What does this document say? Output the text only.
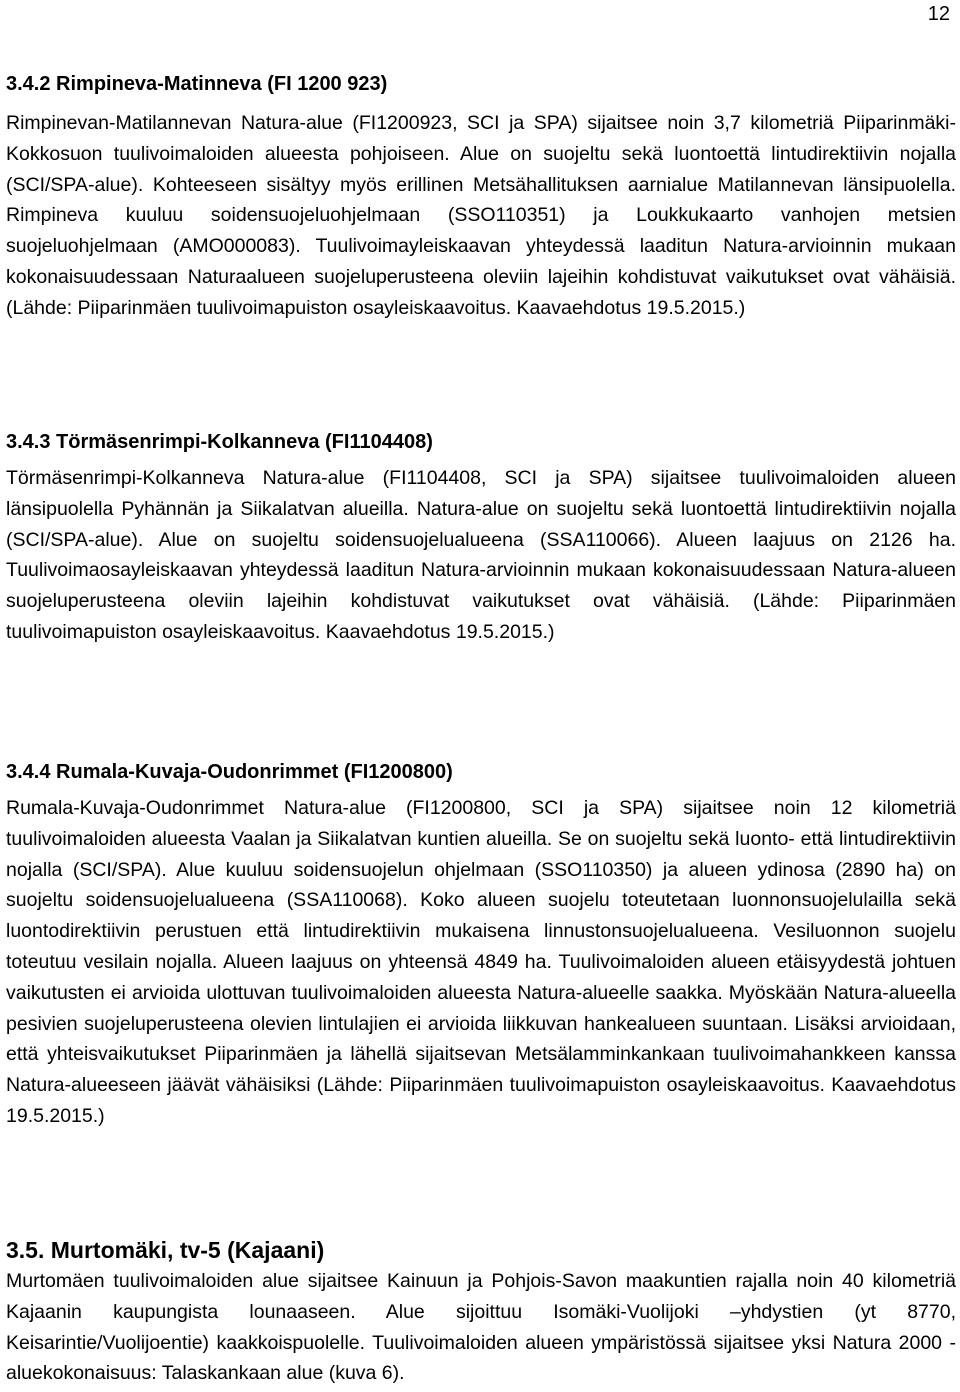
12
3.4.2 Rimpineva-Matinneva (FI 1200 923)

Rimpinevan-Matilannevan Natura-alue (FI1200923, SCI ja SPA) sijaitsee noin 3,7 kilometriä Piiparinmäki-Kokkosuon tuulivoimaloiden alueesta pohjoiseen. Alue on suojeltu sekä luontoettä lintudirektiivin nojalla (SCI/SPA-alue). Kohteeseen sisältyy myös erillinen Metsähallituksen aarnialue Matilannevan länsipuolella. Rimpineva kuuluu soidensuojeluohjelmaan (SSO110351) ja Loukkukaarto vanhojen metsien suojeluohjelmaan (AMO000083). Tuulivoimayleiskaavan yhteydessä laaditun Natura-arvioinnin mukaan kokonaisuudessaan Naturaalueen suojeluperusteena oleviin lajeihin kohdistuvat vaikutukset ovat vähäisiä. (Lähde: Piiparinmäen tuulivoimapuiston osayleiskaavoitus. Kaavaehdotus 19.5.2015.)

3.4.3 Törmäsenrimpi-Kolkanneva (FI1104408)

Törmäsenrimpi-Kolkanneva Natura-alue (FI1104408, SCI ja SPA) sijaitsee tuulivoimaloiden alueen länsipuolella Pyhännän ja Siikalatvan alueilla. Natura-alue on suojeltu sekä luontoettä lintudirektiivin nojalla (SCI/SPA-alue). Alue on suojeltu soidensuojelualueena (SSA110066). Alueen laajuus on 2126 ha. Tuulivoimaosayleiskaavan yhteydessä laaditun Natura-arvioinnin mukaan kokonaisuudessaan Natura-alueen suojeluperusteena oleviin lajeihin kohdistuvat vaikutukset ovat vähäisiä. (Lähde: Piiparinmäen tuulivoimapuiston osayleiskaavoitus. Kaavaehdotus 19.5.2015.)

3.4.4 Rumala-Kuvaja-Oudonrimmet (FI1200800)

Rumala-Kuvaja-Oudonrimmet Natura-alue (FI1200800, SCI ja SPA) sijaitsee noin 12 kilometriä tuulivoimaloiden alueesta Vaalan ja Siikalatvan kuntien alueilla. Se on suojeltu sekä luonto- että lintudirektiivin nojalla (SCI/SPA). Alue kuuluu soidensuojelun ohjelmaan (SSO110350) ja alueen ydinosa (2890 ha) on suojeltu soidensuojelualueena (SSA110068). Koko alueen suojelu toteutetaan luonnonsuojelulailla sekä luontodirektiivin perustuen että lintudirektiivin mukaisena linnustonsuojelualueena. Vesiluonnon suojelu toteutuu vesilain nojalla. Alueen laajuus on yhteensä 4849 ha. Tuulivoimaloiden alueen etäisyydestä johtuen vaikutusten ei arvioida ulottuvan tuulivoimaloiden alueesta Natura-alueelle saakka. Myöskään Natura-alueella pesivien suojeluperusteena olevien lintulajien ei arvioida liikkuvan hankealueen suuntaan. Lisäksi arvioidaan, että yhteisvaikutukset Piiparinmäen ja lähellä sijaitsevan Metsälamminkankaan tuulivoimahankkeen kanssa Natura-alueeseen jäävät vähäisiksi (Lähde: Piiparinmäen tuulivoimapuiston osayleiskaavoitus. Kaavaehdotus 19.5.2015.)

3.5. Murtomäki, tv-5 (Kajaani)

Murtomäen tuulivoimaloiden alue sijaitsee Kainuun ja Pohjois-Savon maakuntien rajalla noin 40 kilometriä Kajaanin kaupungista lounaaseen. Alue sijoittuu Isomäki-Vuolijoki –yhdystien (yt 8770, Keisarintie/Vuolijoentie) kaakkoispuolelle. Tuulivoimaloiden alueen ympäristössä sijaitsee yksi Natura 2000 -aluekokonaisuus: Talaskankaan alue (kuva 6).
